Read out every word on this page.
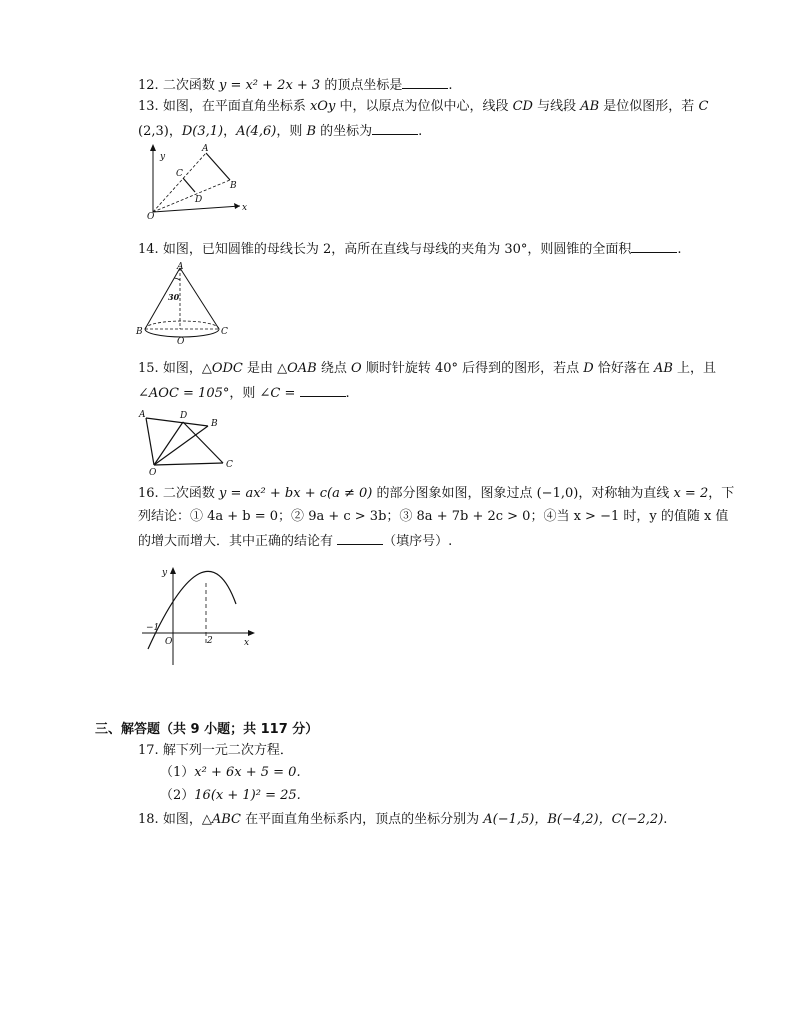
12. 二次函数 y = x² + 2x + 3 的顶点坐标是	.
13. 如图，在平面直角坐标系 xOy 中，以原点为位似中心，线段 CD 与线段 AB 是位似图形，若 C
(2,3)，D(3,1)，A(4,6)，则 B 的坐标为	.
y
x
O
A
B
C
D
14. 如图，已知圆锥的母线长为 2，高所在直线与母线的夹角为 30°，则圆锥的全面积	.
A
B	C
O
30
15. 如图，△ODC 是由 △OAB 绕点 O 顺时针旋转 40° 后得到的图形，若点 D 恰好落在 AB 上，且
∠AOC = 105°，则 ∠C =	.
A
B
C
D
O
16. 二次函数 y = ax² + bx + c(a ≠ 0) 的部分图象如图，图象过点 (−1,0)，对称轴为直线 x = 2，下
列结论：① 4a + b = 0；② 9a + c > 3b；③ 8a + 7b + 2c > 0；④当 x > −1 时，y 的值随 x 值
的增大而增大．其中正确的结论有	（填序号）.
y
x
O
−1
2
三、解答题（共 9 小题；共 117 分）
17. 解下列一元二次方程．
（1）x² + 6x + 5 = 0.
（2）16(x + 1)² = 25.
18. 如图，△ABC 在平面直角坐标系内，顶点的坐标分别为 A(−1,5)，B(−4,2)，C(−2,2).
